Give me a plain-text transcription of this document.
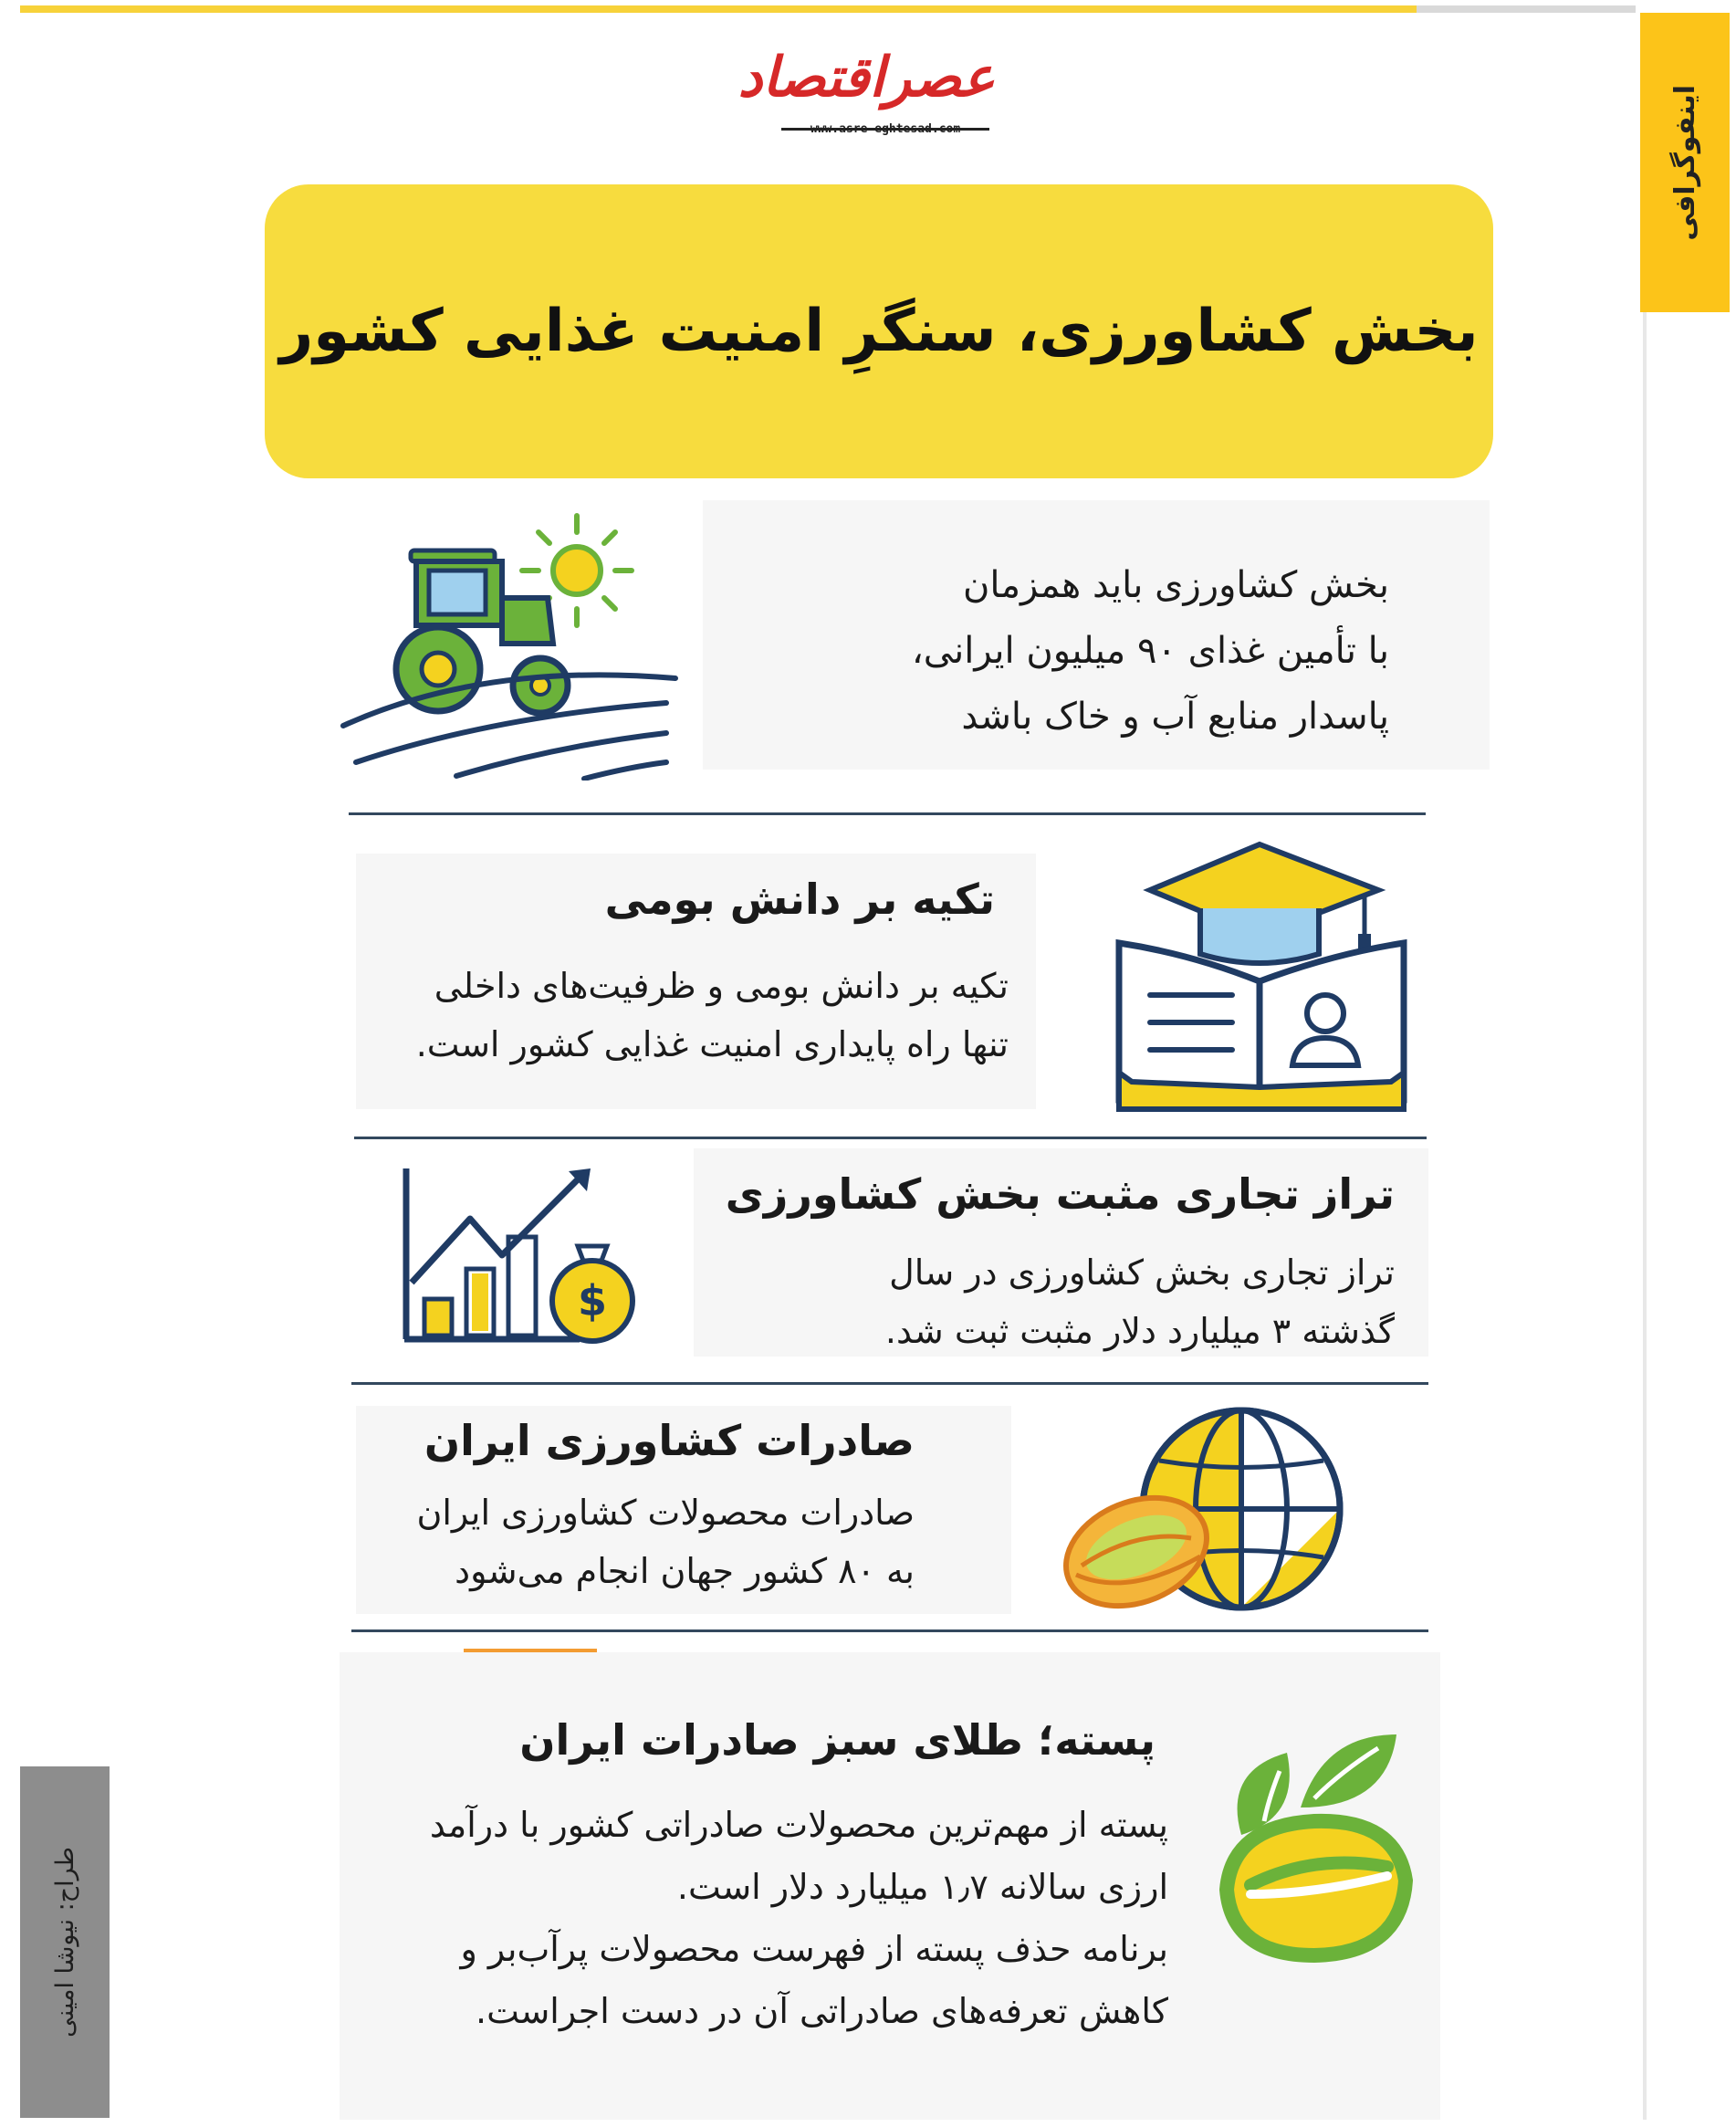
اینفوگرافی
عصراقتصاد
www.asre-eghtesad.com
بخش کشاورزی، سنگرِ امنیت غذایی کشور

بخش کشاورزی باید همزمان

با تأمین غذای ۹۰ میلیون ایرانی،

پاسدار منابع آب و خاک باشد

تکیه بر دانش بومی

تکیه بر دانش بومی و ظرفیت‌های داخلی

تنها راه پایداری امنیت غذایی کشور است.

تراز تجاری مثبت بخش کشاورزی

تراز تجاری بخش کشاورزی در سال

گذشته ۳ میلیارد دلار مثبت ثبت شد.

$
صادرات کشاورزی ایران

صادرات محصولات کشاورزی ایران

به ۸۰ کشور جهان انجام می‌شود

پسته؛ طلای سبز صادرات ایران

پسته از مهم‌ترین محصولات صادراتی کشور با درآمد

ارزی سالانه ۱٫۷ میلیارد دلار است.

برنامه حذف پسته از فهرست محصولات پرآب‌بر و

کاهش تعرفه‌های صادراتی آن در دست اجراست.

طراح: نیوشا امینی
